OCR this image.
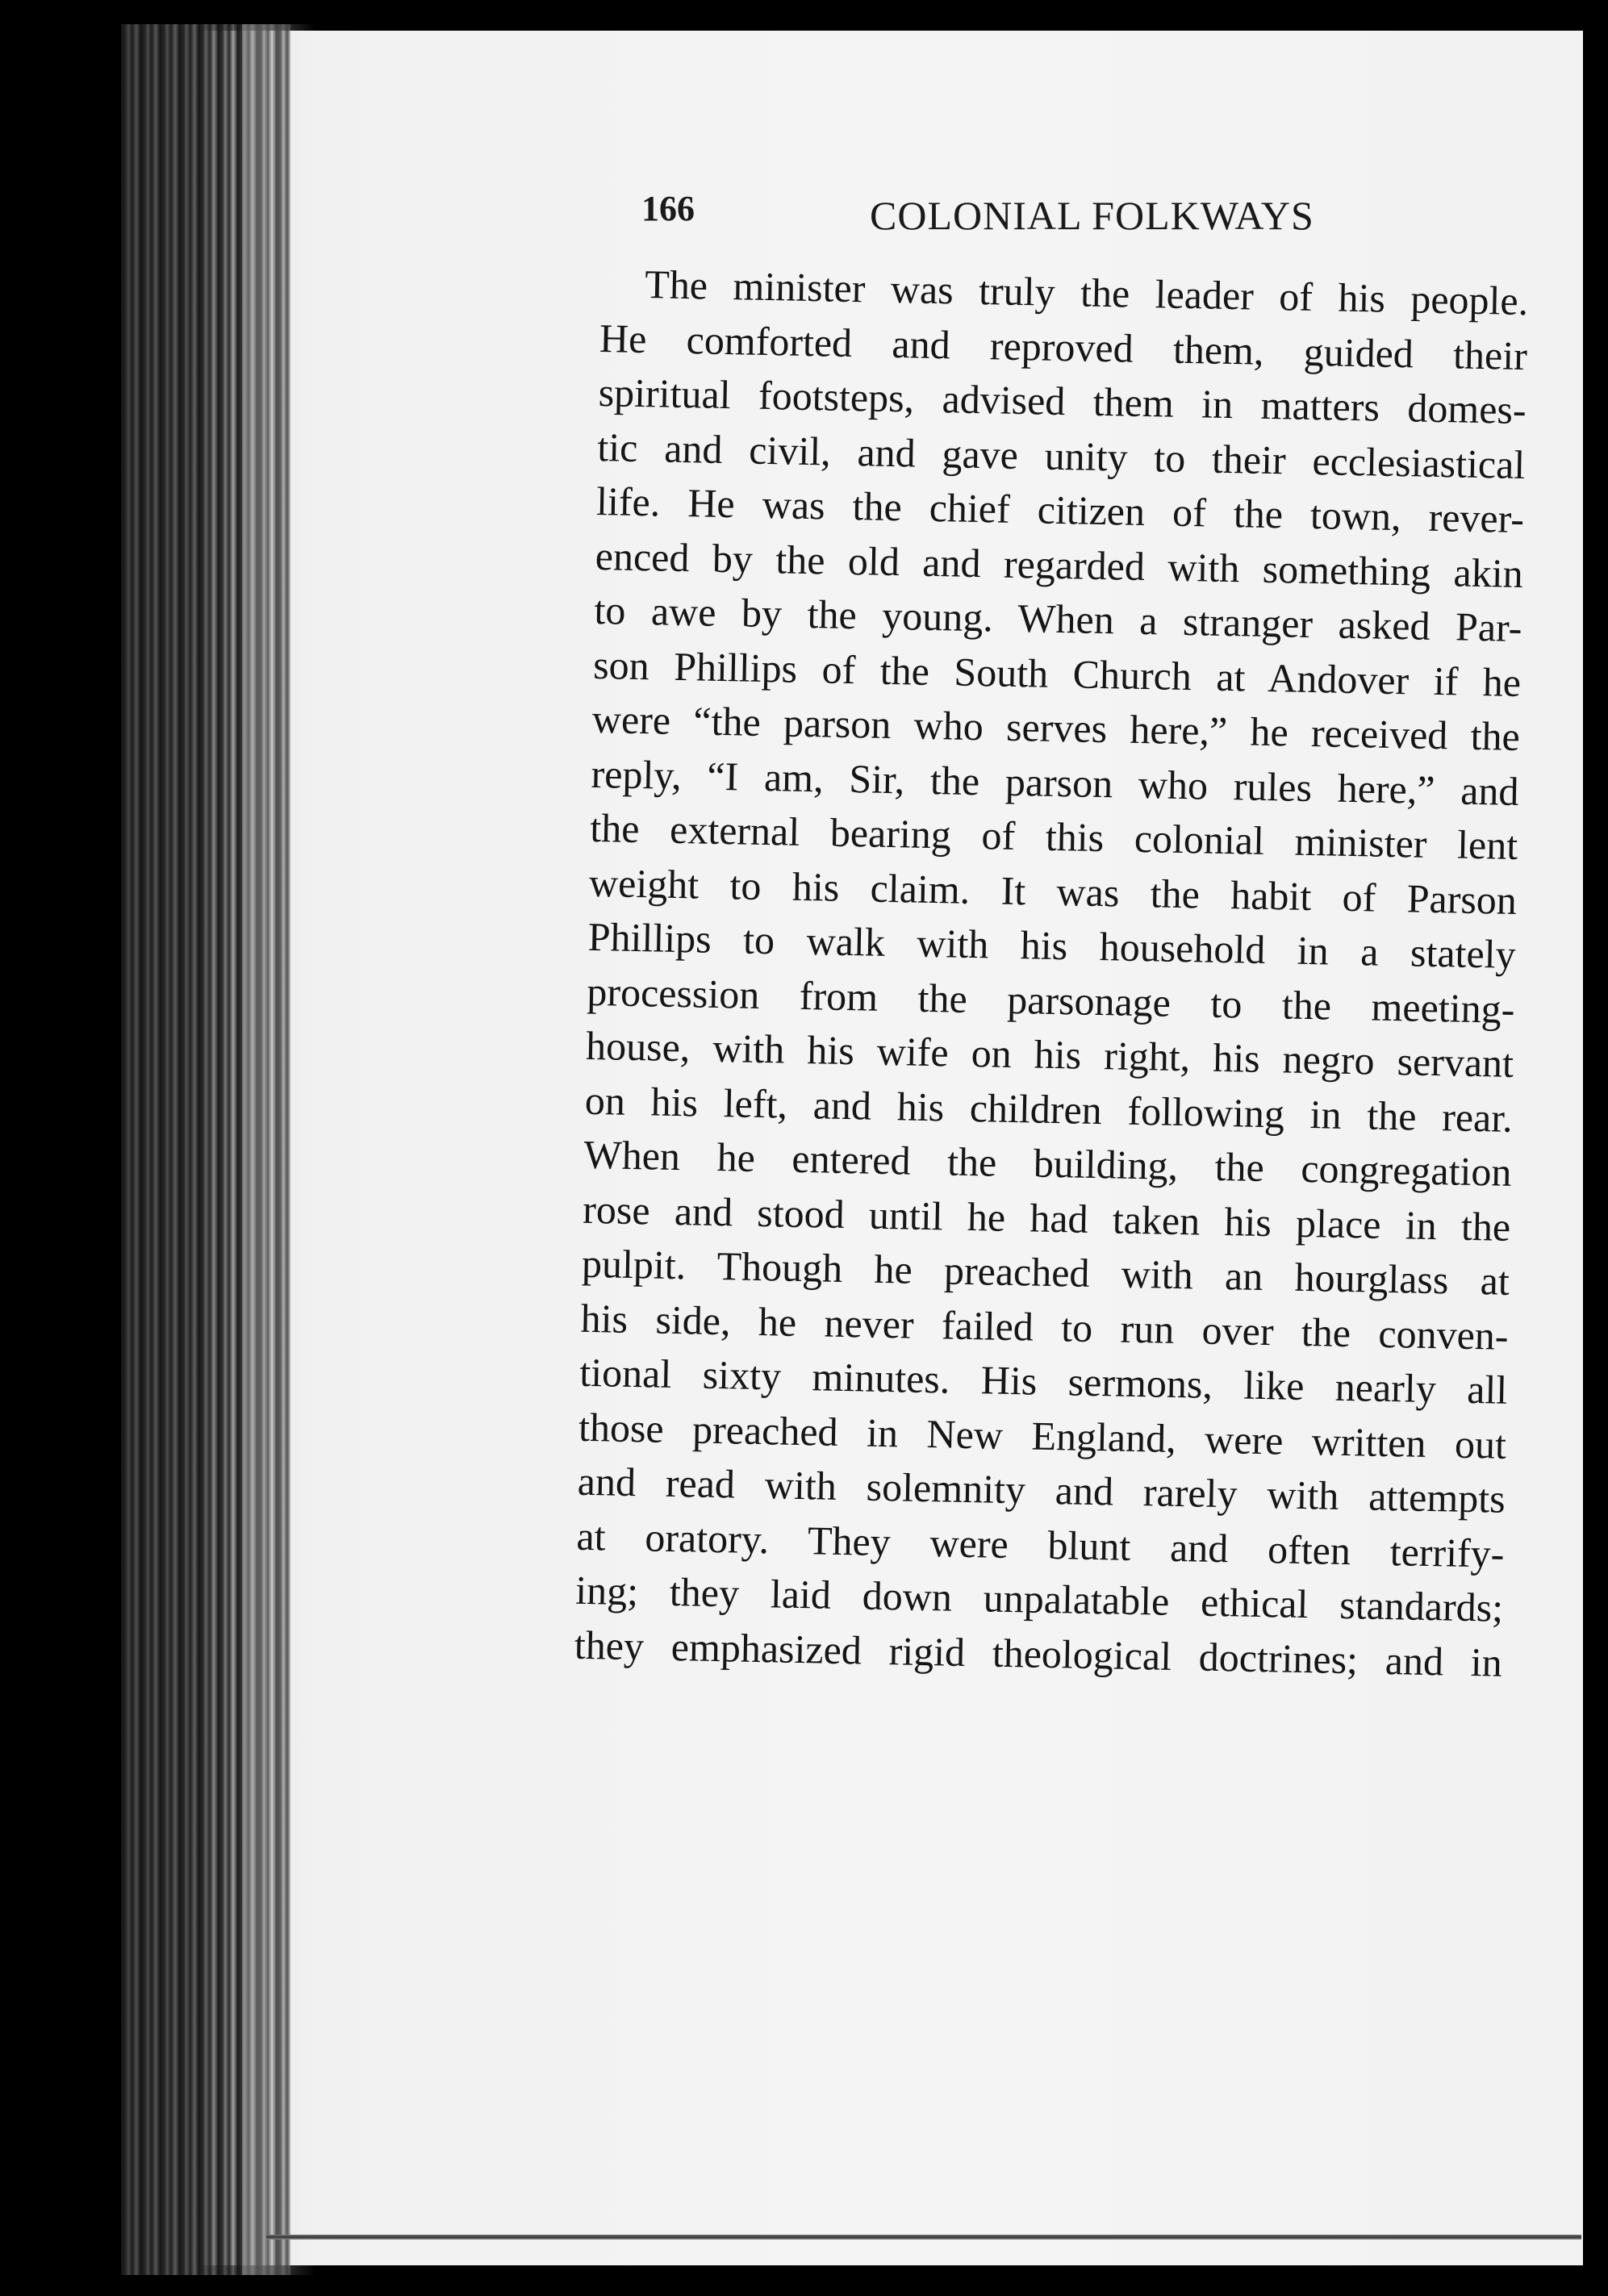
166	COLONIAL FOLKWAYS
The minister was truly the leader of his people.
He comforted and reproved them, guided their
spiritual footsteps, advised them in matters domes-
tic and civil, and gave unity to their ecclesiastical
life. He was the chief citizen of the town, rever-
enced by the old and regarded with something akin
to awe by the young. When a stranger asked Par-
son Phillips of the South Church at Andover if he
were “the parson who serves here,” he received the
reply, “I am, Sir, the parson who rules here,” and
the external bearing of this colonial minister lent
weight to his claim. It was the habit of Parson
Phillips to walk with his household in a stately
procession from the parsonage to the meeting-
house, with his wife on his right, his negro servant
on his left, and his children following in the rear.
When he entered the building, the congregation
rose and stood until he had taken his place in the
pulpit. Though he preached with an hourglass at
his side, he never failed to run over the conven-
tional sixty minutes. His sermons, like nearly all
those preached in New England, were written out
and read with solemnity and rarely with attempts
at oratory. They were blunt and often terrify-
ing; they laid down unpalatable ethical standards;
they emphasized rigid theological doctrines; and in
